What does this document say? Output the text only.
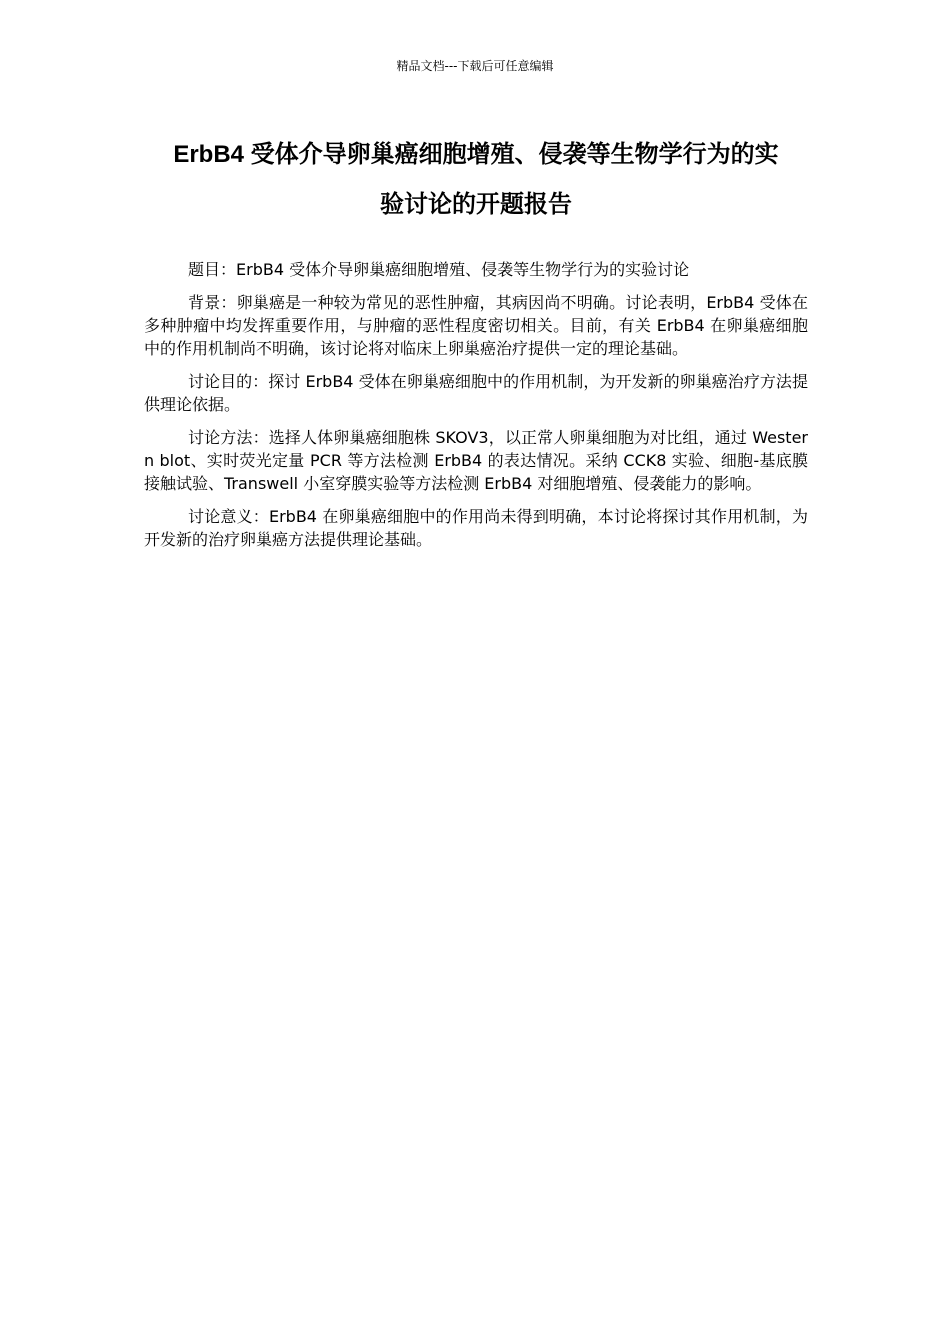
精品文档---下载后可任意编辑
ErbB4 受体介导卵巢癌细胞增殖、侵袭等生物学行为的实
验讨论的开题报告

题目：ErbB4 受体介导卵巢癌细胞增殖、侵袭等生物学行为的实验讨论

背景：卵巢癌是一种较为常见的恶性肿瘤，其病因尚不明确。讨论表明，ErbB4 受体在多种肿瘤中均发挥重要作用，与肿瘤的恶性程度密切相关。目前，有关 ErbB4 在卵巢癌细胞中的作用机制尚不明确，该讨论将对临床上卵巢癌治疗提供一定的理论基础。

讨论目的：探讨 ErbB4 受体在卵巢癌细胞中的作用机制，为开发新的卵巢癌治疗方法提供理论依据。

讨论方法：选择人体卵巢癌细胞株 SKOV3，以正常人卵巢细胞为对比组，通过 Western blot、实时荧光定量 PCR 等方法检测 ErbB4 的表达情况。采纳 CCK8 实验、细胞-基底膜接触试验、Transwell 小室穿膜实验等方法检测 ErbB4 对细胞增殖、侵袭能力的影响。

讨论意义：ErbB4 在卵巢癌细胞中的作用尚未得到明确，本讨论将探讨其作用机制，为开发新的治疗卵巢癌方法提供理论基础。
